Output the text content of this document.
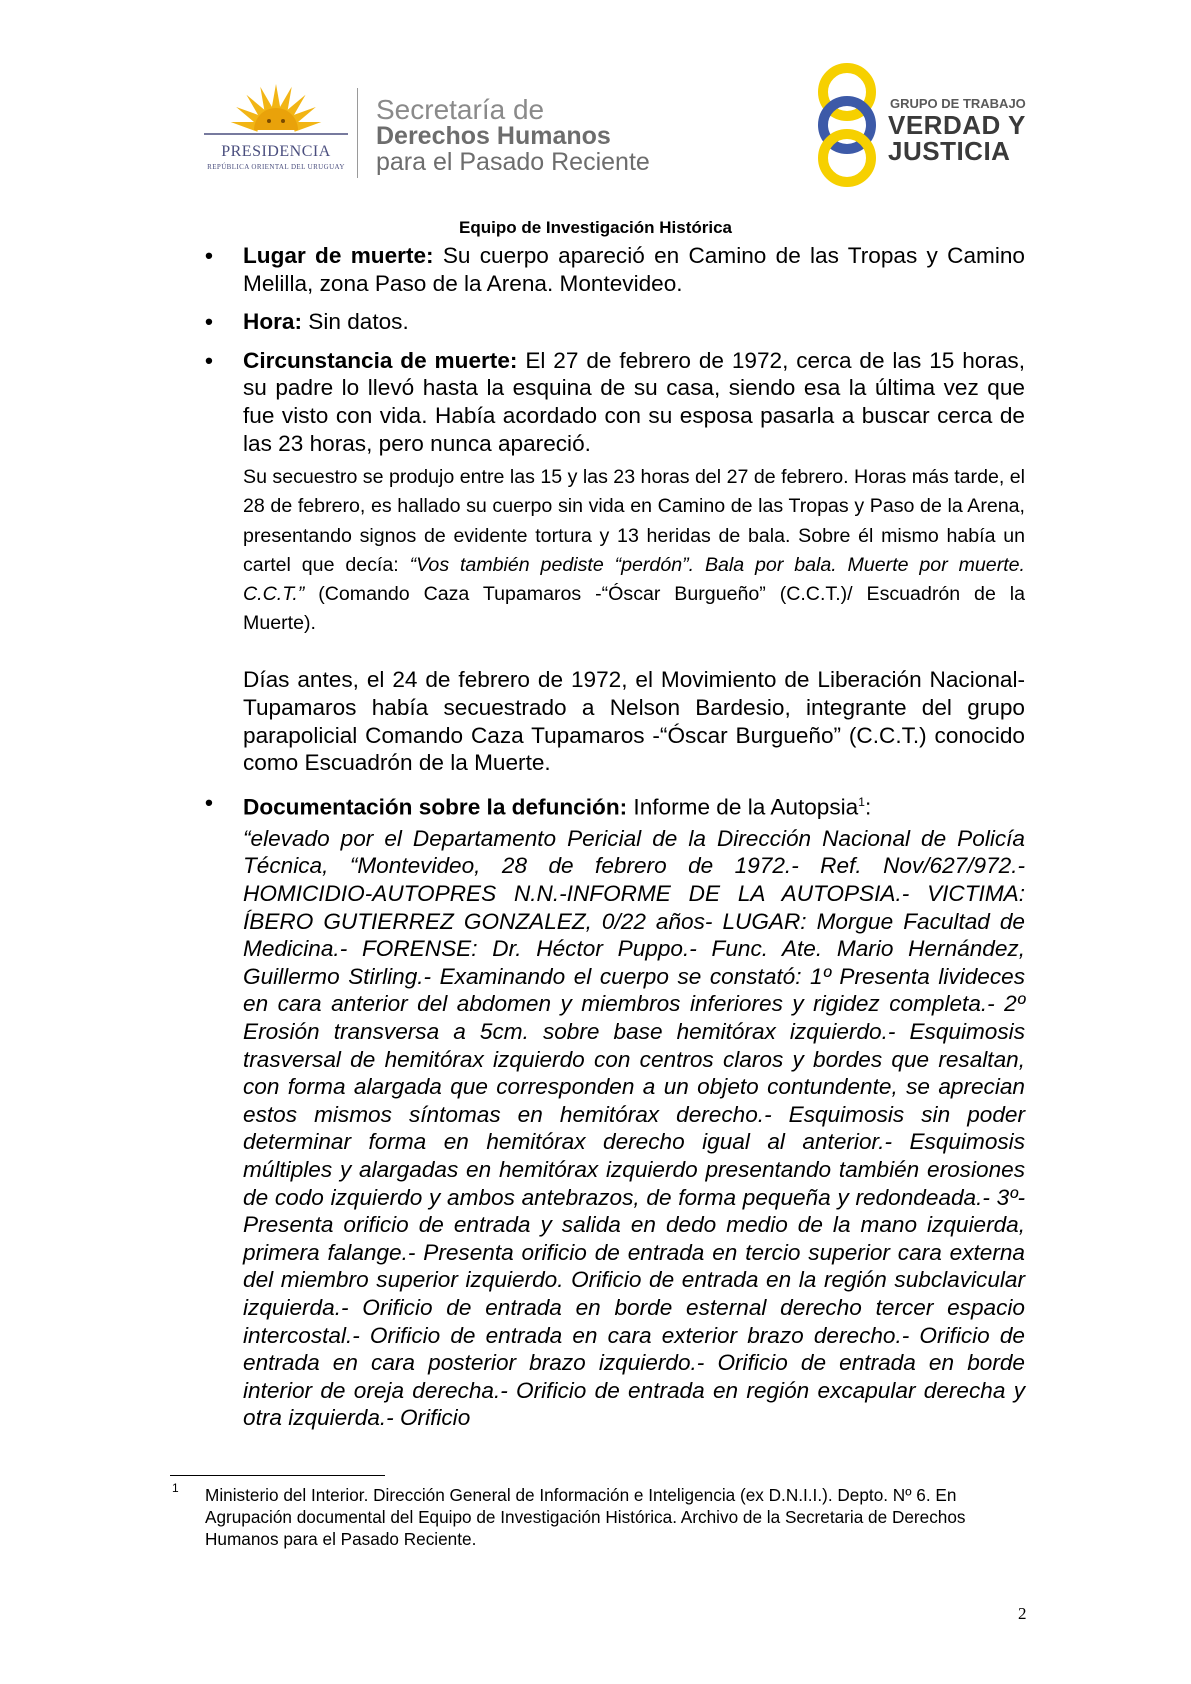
PRESIDENCIA
REPÚBLICA ORIENTAL DEL URUGUAY
Secretaría de
Derechos Humanos
para el Pasado Reciente
GRUPO DE TRABAJO
VERDAD Y
JUSTICIA
Equipo de Investigación Histórica
• Lugar de muerte: Su cuerpo apareció en Camino de las Tropas y Camino Melilla, zona Paso de la Arena. Montevideo.
• Hora: Sin datos.
• Circunstancia de muerte: El 27 de febrero de 1972, cerca de las 15 horas, su padre lo llevó hasta la esquina de su casa, siendo esa la última vez que fue visto con vida. Había acordado con su esposa pasarla a buscar cerca de las 23 horas, pero nunca apareció.
Su secuestro se produjo entre las 15 y las 23 horas del 27 de febrero. Horas más tarde, el 28 de febrero, es hallado su cuerpo sin vida en Camino de las Tropas y Paso de la Arena, presentando signos de evidente tortura y 13 heridas de bala. Sobre él mismo había un cartel que decía: “Vos también pediste “perdón”. Bala por bala. Muerte por muerte. C.C.T.” (Comando Caza Tupamaros -“Óscar Burgueño” (C.C.T.)/ Escuadrón de la Muerte).
Días antes, el 24 de febrero de 1972, el Movimiento de Liberación Nacional- Tupamaros había secuestrado a Nelson Bardesio, integrante del grupo parapolicial Comando Caza Tupamaros -“Óscar Burgueño” (C.C.T.) conocido como Escuadrón de la Muerte.
• Documentación sobre la defunción: Informe de la Autopsia$^1$:
“elevado por el Departamento Pericial de la Dirección Nacional de Policía Técnica, “Montevideo, 28 de febrero de 1972.- Ref. Nov/627/972.-HOMICIDIO-AUTOPRES N.N.-INFORME DE LA AUTOPSIA.- VICTIMA: ÍBERO GUTIERREZ GONZALEZ, 0/22 años- LUGAR: Morgue Facultad de Medicina.- FORENSE: Dr. Héctor Puppo.- Func. Ate. Mario Hernández, Guillermo Stirling.- Examinando el cuerpo se constató: 1º Presenta livideces en cara anterior del abdomen y miembros inferiores y rigidez completa.- 2º Erosión transversa a 5cm. sobre base hemitórax izquierdo.- Esquimosis trasversal de hemitórax izquierdo con centros claros y bordes que resaltan, con forma alargada que corresponden a un objeto contundente, se aprecian estos mismos síntomas en hemitórax derecho.- Esquimosis sin poder determinar forma en hemitórax derecho igual al anterior.- Esquimosis múltiples y alargadas en hemitórax izquierdo presentando también erosiones de codo izquierdo y ambos antebrazos, de forma pequeña y redondeada.- 3º-Presenta orificio de entrada y salida en dedo medio de la mano izquierda, primera falange.- Presenta orificio de entrada en tercio superior cara externa del miembro superior izquierdo. Orificio de entrada en la región subclavicular izquierda.- Orificio de entrada en borde esternal derecho tercer espacio intercostal.- Orificio de entrada en cara exterior brazo derecho.- Orificio de entrada en cara posterior brazo izquierdo.- Orificio de entrada en borde interior de oreja derecha.- Orificio de entrada en región excapular derecha y otra izquierda.- Orificio
1 Ministerio del Interior. Dirección General de Información e Inteligencia (ex D.N.I.I.). Depto. Nº 6. En Agrupación documental del Equipo de Investigación Histórica. Archivo de la Secretaria de Derechos Humanos para el Pasado Reciente.
2
